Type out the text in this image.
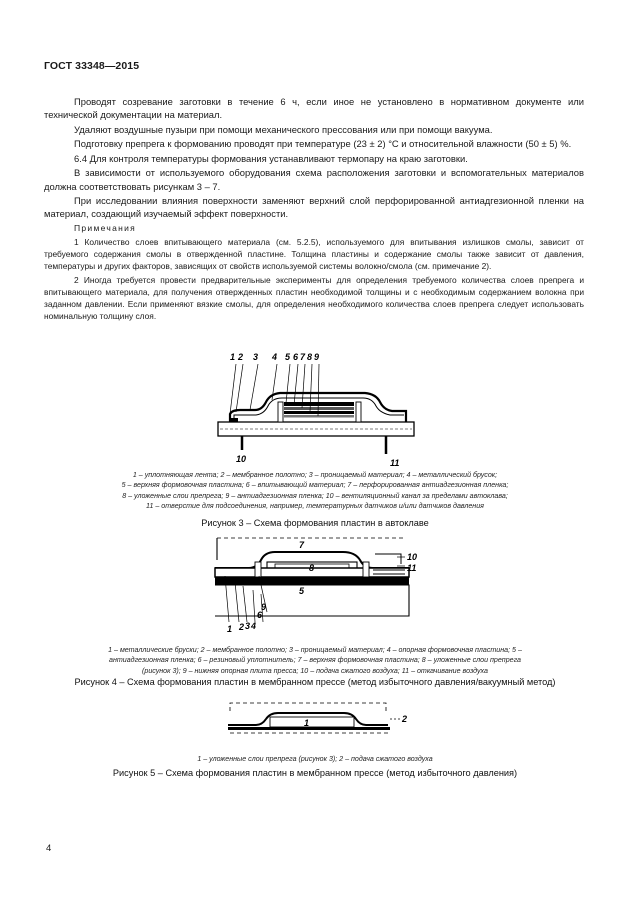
ГОСТ 33348—2015

Проводят созревание заготовки в течение 6 ч, если иное не установлено в нормативном документе или технической документации на материал.

Удаляют воздушные пузыри при помощи механического прессования или при помощи вакуума.

Подготовку препрега к формованию проводят при температуре (23 ± 2) °С и относительной влажности (50 ± 5) %.

6.4 Для контроля температуры формования устанавливают термопару на краю заготовки.

В зависимости от используемого оборудования схема расположения заготовки и вспомогательных материалов должна соответствовать рисункам 3 – 7.

При исследовании влияния поверхности заменяют верхний слой перфорированной антиадгезионной пленки на материал, создающий изучаемый эффект поверхности.

Примечания

1 Количество слоев впитывающего материала (см. 5.2.5), используемого для впитывания излишков смолы, зависит от требуемого содержания смолы в отвержденной пластине. Толщина пластины и содержание смолы также зависит от давления, температуры и других факторов, зависящих от свойств используемой системы волокно/смола (см. примечание 2).

2 Иногда требуется провести предварительные эксперименты для определения требуемого количества слоев препрега и впитывающего материала, для получения отвержденных пластин необходимой толщины и с необходимым содержанием волокна при заданном давлении. Если применяют вязкие смолы, для определения необходимого количества слоев препрега следует использовать номинальную толщину слоя.

1 2 3 4 5 6 7 8 9
10	11
1 – уплотняющая лента; 2 – мембранное полотно; 3 – проницаемый материал; 4 – металлический брусок;
5 – верхняя формовочная пластина; 6 – впитывающий материал; 7 – перфорированная антиадгезионная пленка;
8 – уложенные слои препрега; 9 – антиадгезионная пленка; 10 – вентиляционный канал за пределами автоклава;
11 – отверстие для подсоединения, например, температурных датчиков и/или датчиков давления
Рисунок 3 – Схема формования пластин в автоклаве
7
8
5
10
11
1 2 3 4
6
9
1 – металлические бруски; 2 – мембранное полотно; 3 – проницаемый материал; 4 – опорная формовочная пластина; 5 –
антиадгезионная пленка; 6 – резиновый уплотнитель; 7 – верхняя формовочная пластина; 8 – уложенные слои препрега
(рисунок 3); 9 – нижняя опорная плита пресса; 10 – подача сжатого воздуха; 11 – откачивание воздуха
Рисунок 4 – Схема формования пластин в мембранном прессе (метод избыточного давления/вакуумный метод)
1	2
1 – уложенные слои препрега (рисунок 3); 2 – подача сжатого воздуха
Рисунок 5 – Схема формования пластин в мембранном прессе (метод избыточного давления)
4
